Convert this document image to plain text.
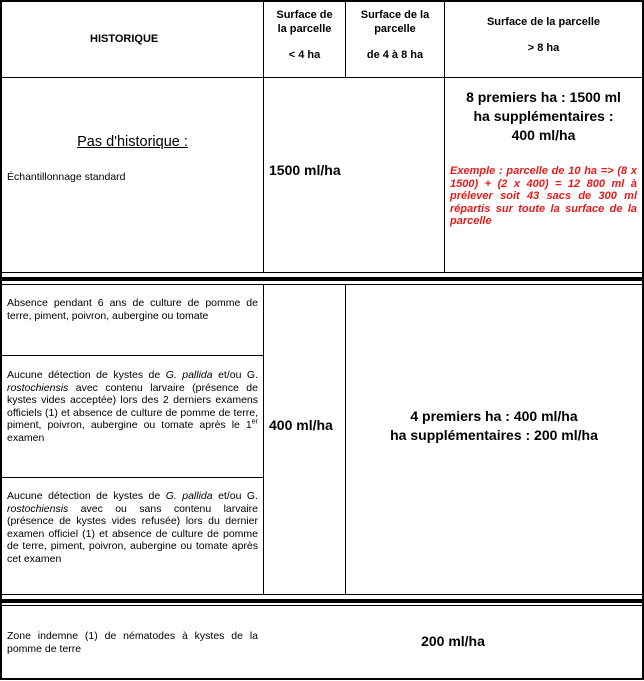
HISTORIQUE
Surface de
la parcelle
< 4 ha
Surface de la
parcelle
de 4 à 8 ha
Surface de la parcelle
> 8 ha
Pas d'historique :
Échantillonnage standard	1500 ml/ha
8 premiers ha : 1500 ml
ha supplémentaires :
400 ml/ha
Exemple : parcelle de 10 ha => (8 x 1500) + (2 x 400) = 12 800 ml à prélever soit 43 sacs de 300 ml répartis sur toute la surface de la parcelle
Absence pendant 6 ans de culture de pomme de terre, piment, poivron, aubergine ou tomate
Aucune détection de kystes de G. pallida et/ou G. rostochiensis avec contenu larvaire (présence de kystes vides acceptée) lors des 2 derniers examens officiels (1) et absence de culture de pomme de terre, piment, poivron, aubergine ou tomate après le 1er examen
Aucune détection de kystes de G. pallida et/ou G. rostochiensis avec ou sans contenu larvaire (présence de kystes vides refusée) lors du dernier examen officiel (1) et absence de culture de pomme de terre, piment, poivron, aubergine ou tomate après cet examen
400 ml/ha
4 premiers ha : 400 ml/ha
ha supplémentaires : 200 ml/ha
Zone indemne (1) de nématodes à kystes de la pomme de terre	200 ml/ha
